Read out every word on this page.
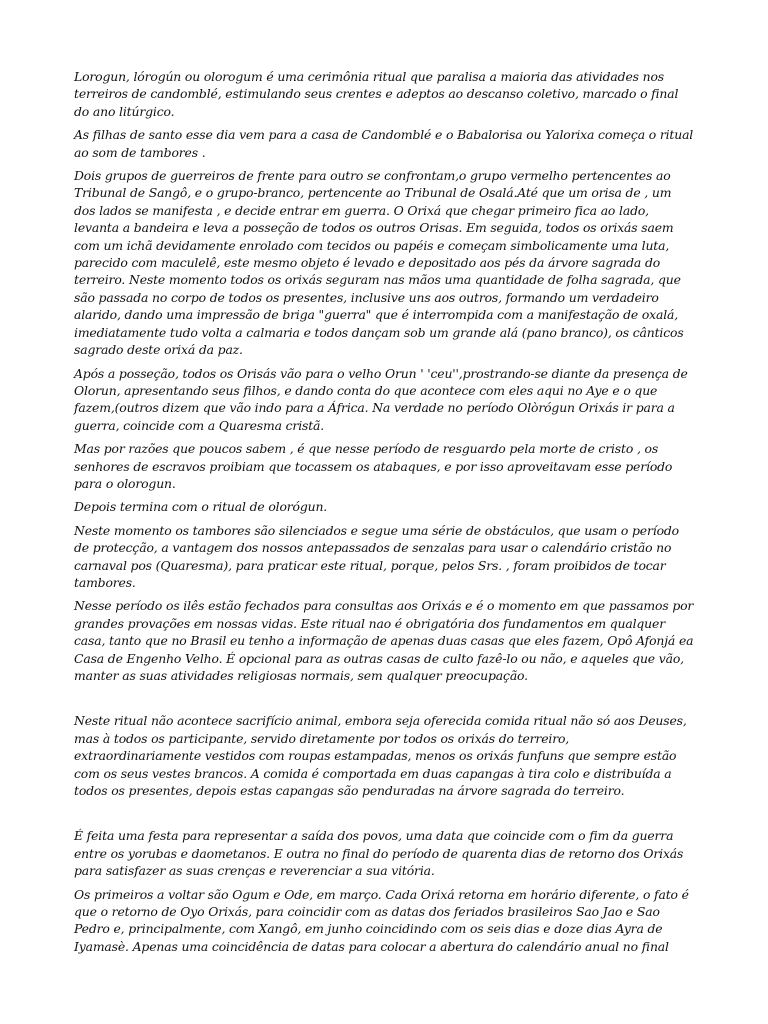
Lorogun, lórogún ou olorogum é uma cerimônia ritual que paralisa a maioria das atividades nos terreiros de candomblé, estimulando seus crentes e adeptos ao descanso coletivo, marcado o final do ano litúrgico.

As filhas de santo esse dia vem para a casa de Candomblé e o Babalorisa ou Yalorixa começa o ritual ao som de tambores .

Dois grupos de guerreiros de frente para outro se confrontam,o grupo vermelho pertencentes ao Tribunal de Sangô, e o grupo-branco, pertencente ao Tribunal de Osalá.Até que um orisa de , um dos lados se manifesta , e decide entrar em guerra. O Orixá que chegar primeiro fica ao lado, levanta a bandeira e leva a posseção de todos os outros Orisas. Em seguida, todos os orixás saem com um ichã devidamente enrolado com tecidos ou papéis e começam simbolicamente uma luta, parecido com maculelê, este mesmo objeto é levado e depositado aos pés da árvore sagrada do terreiro. Neste momento todos os orixás seguram nas mãos uma quantidade de folha sagrada, que são passada no corpo de todos os presentes, inclusive uns aos outros, formando um verdadeiro alarido, dando uma impressão de briga "guerra" que é interrompida com a manifestação de oxalá, imediatamente tudo volta a calmaria e todos dançam sob um grande alá (pano branco), os cânticos sagrado deste orixá da paz.

Após a posseção, todos os Orisás vão para o velho Orun ' 'ceu'',prostrando-se diante da presença de Olorun, apresentando seus filhos, e dando conta do que acontece com eles aqui no Aye e o que fazem,(outros dizem que vão indo para a África. Na verdade no período Olòrógun Orixás ir para a guerra, coincide com a Quaresma cristã.

Mas por razões que poucos sabem , é que nesse período de resguardo pela morte de cristo , os senhores de escravos proibiam que tocassem os atabaques, e por isso aproveitavam esse período para o olorogun.

Depois termina com o ritual de olorógun.

Neste momento os tambores são silenciados e segue uma série de obstáculos, que usam o período de protecção, a vantagem dos nossos antepassados de senzalas para usar o calendário cristão no carnaval pos (Quaresma), para praticar este ritual, porque, pelos Srs. , foram proibidos de tocar tambores.

Nesse período os ilês estão fechados para consultas aos Orixás e é o momento em que passamos por grandes provações em nossas vidas. Este ritual nao é obrigatória dos fundamentos em qualquer casa, tanto que no Brasil eu tenho a informação de apenas duas casas que eles fazem, Opô Afonjá ea Casa de Engenho Velho. É opcional para as outras casas de culto fazê-lo ou não, e aqueles que vão, manter as suas atividades religiosas normais, sem qualquer preocupação.

Neste ritual não acontece sacrifício animal, embora seja oferecida comida ritual não só aos Deuses, mas à todos os participante, servido diretamente por todos os orixás do terreiro, extraordinariamente vestidos com roupas estampadas, menos os orixás funfuns que sempre estão com os seus vestes brancos. A comida é comportada em duas capangas à tira colo e distribuída a todos os presentes, depois estas capangas são penduradas na árvore sagrada do terreiro.

É feita uma festa para representar a saída dos povos, uma data que coincide com o fim da guerra entre os yorubas e daometanos. E outra no final do período de quarenta dias de retorno dos Orixás para satisfazer as suas crenças e reverenciar a sua vitória.

Os primeiros a voltar são Ogum e Ode, em março. Cada Orixá retorna em horário diferente, o fato é que o retorno de Oyo Orixás, para coincidir com as datas dos feriados brasileiros Sao Jao e Sao Pedro e, principalmente, com Xangô, em junho coincidindo com os seis dias e doze dias Ayra de Iyamasè. Apenas uma coincidência de datas para colocar a abertura do calendário anual no final
